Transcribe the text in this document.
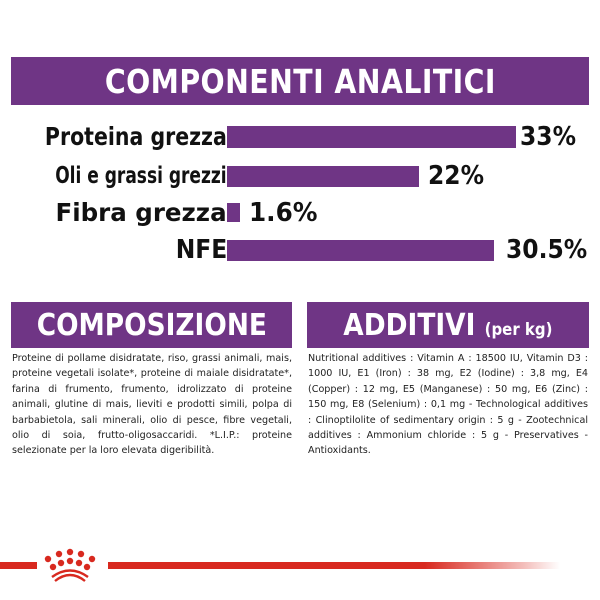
COMPONENTI ANALITICI
Proteina grezza	33%
Oli e grassi grezzi	22%
Fibra grezza 1.6%
NFE	30.5%
COMPOSIZIONE

Proteine di pollame disidratate, riso, grassi animali, mais, proteine vegetali isolate*, proteine di maiale disidratate*, farina di frumento, frumento, idrolizzato di proteine animali, glutine di mais, lieviti e prodotti simili, polpa di barbabietola, sali minerali, olio di pesce, fibre vegetali, olio di soia, frutto-oligosaccaridi. *L.I.P.: proteine selezionate per la loro elevata digeribilità.

ADDITIVI (per kg)

Nutritional additives : Vitamin A : 18500 IU, Vitamin D3 : 1000 IU, E1 (Iron) : 38 mg, E2 (Iodine) : 3,8 mg, E4 (Copper) : 12 mg, E5 (Manganese) : 50 mg, E6 (Zinc) : 150 mg, E8 (Selenium) : 0,1 mg - Technological additives : Clinoptilolite of sedimentary origin : 5 g - Zootechnical additives : Ammonium chloride : 5 g - Preservatives - Antioxidants.
